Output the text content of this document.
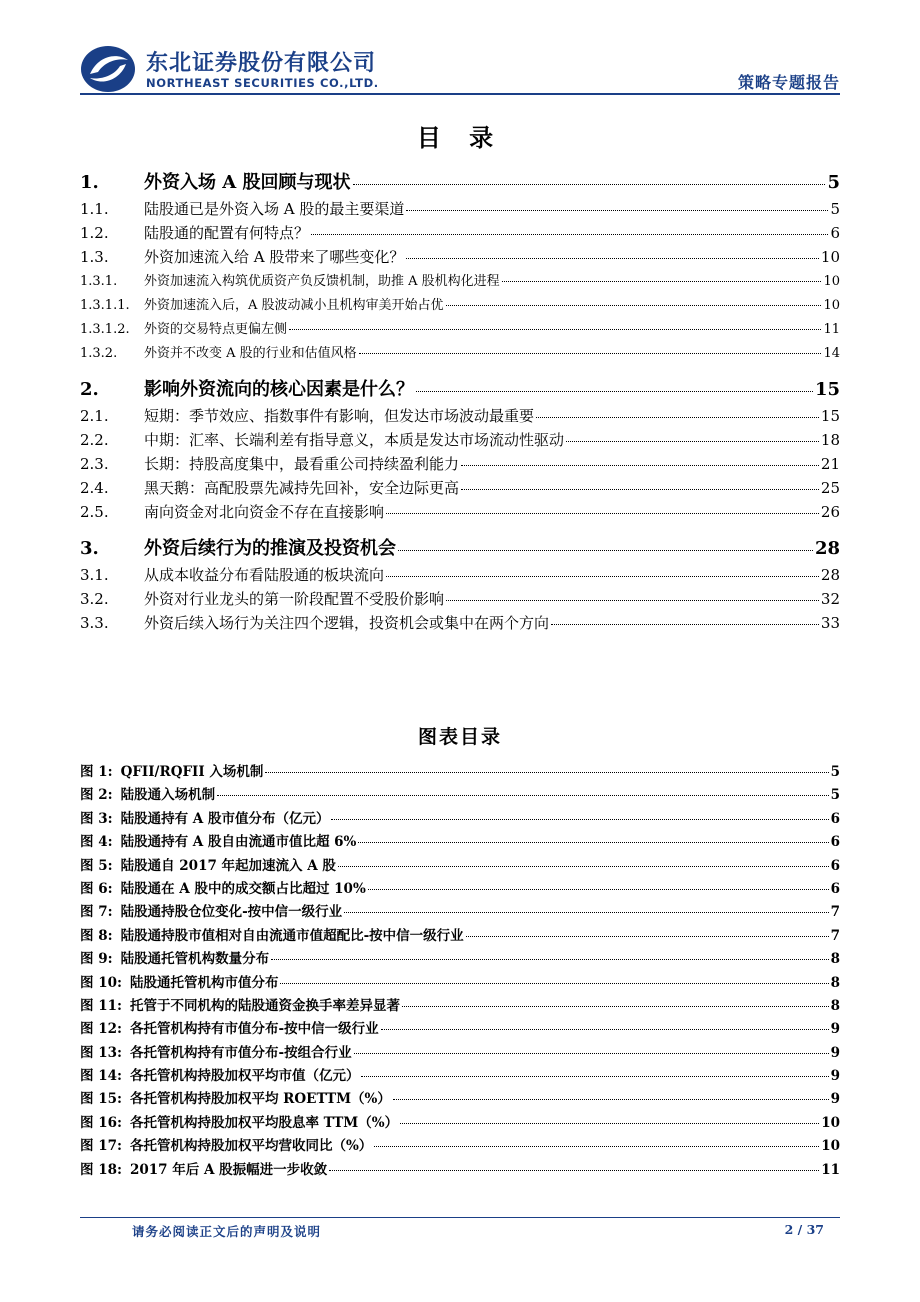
东北证券股份有限公司
NORTHEAST SECURITIES CO.,LTD.	策略专题报告
目 录
1.	外资入场 A 股回顾与现状	5
1.1.	陆股通已是外资入场 A 股的最主要渠道	5
1.2.	陆股通的配置有何特点？	6
1.3.	外资加速流入给 A 股带来了哪些变化？	10
1.3.1.	外资加速流入构筑优质资产负反馈机制，助推 A 股机构化进程	10
1.3.1.1.	外资加速流入后，A 股波动减小且机构审美开始占优	10
1.3.1.2.	外资的交易特点更偏左侧	11
1.3.2.	外资并不改变 A 股的行业和估值风格	14
2.	影响外资流向的核心因素是什么？	15
2.1.	短期：季节效应、指数事件有影响，但发达市场波动最重要	15
2.2.	中期：汇率、长端利差有指导意义，本质是发达市场流动性驱动	18
2.3.	长期：持股高度集中，最看重公司持续盈利能力	21
2.4.	黑天鹅：高配股票先减持先回补，安全边际更高	25
2.5.	南向资金对北向资金不存在直接影响	26
3.	外资后续行为的推演及投资机会	28
3.1.	从成本收益分布看陆股通的板块流向	28
3.2.	外资对行业龙头的第一阶段配置不受股价影响	32
3.3.	外资后续入场行为关注四个逻辑，投资机会或集中在两个方向	33
图表目录
图 1: QFII/RQFII 入场机制	5
图 2: 陆股通入场机制	5
图 3: 陆股通持有 A 股市值分布（亿元）	6
图 4: 陆股通持有 A 股自由流通市值比超 6%	6
图 5: 陆股通自 2017 年起加速流入 A 股	6
图 6: 陆股通在 A 股中的成交额占比超过 10%	6
图 7: 陆股通持股仓位变化-按中信一级行业	7
图 8: 陆股通持股市值相对自由流通市值超配比-按中信一级行业	7
图 9: 陆股通托管机构数量分布	8
图 10: 陆股通托管机构市值分布	8
图 11: 托管于不同机构的陆股通资金换手率差异显著	8
图 12: 各托管机构持有市值分布-按中信一级行业	9
图 13: 各托管机构持有市值分布-按组合行业	9
图 14: 各托管机构持股加权平均市值（亿元）	9
图 15: 各托管机构持股加权平均 ROETTM（%）	9
图 16: 各托管机构持股加权平均股息率 TTM（%）	10
图 17: 各托管机构持股加权平均营收同比（%）	10
图 18: 2017 年后 A 股振幅进一步收敛	11
请务必阅读正文后的声明及说明	2 / 37
